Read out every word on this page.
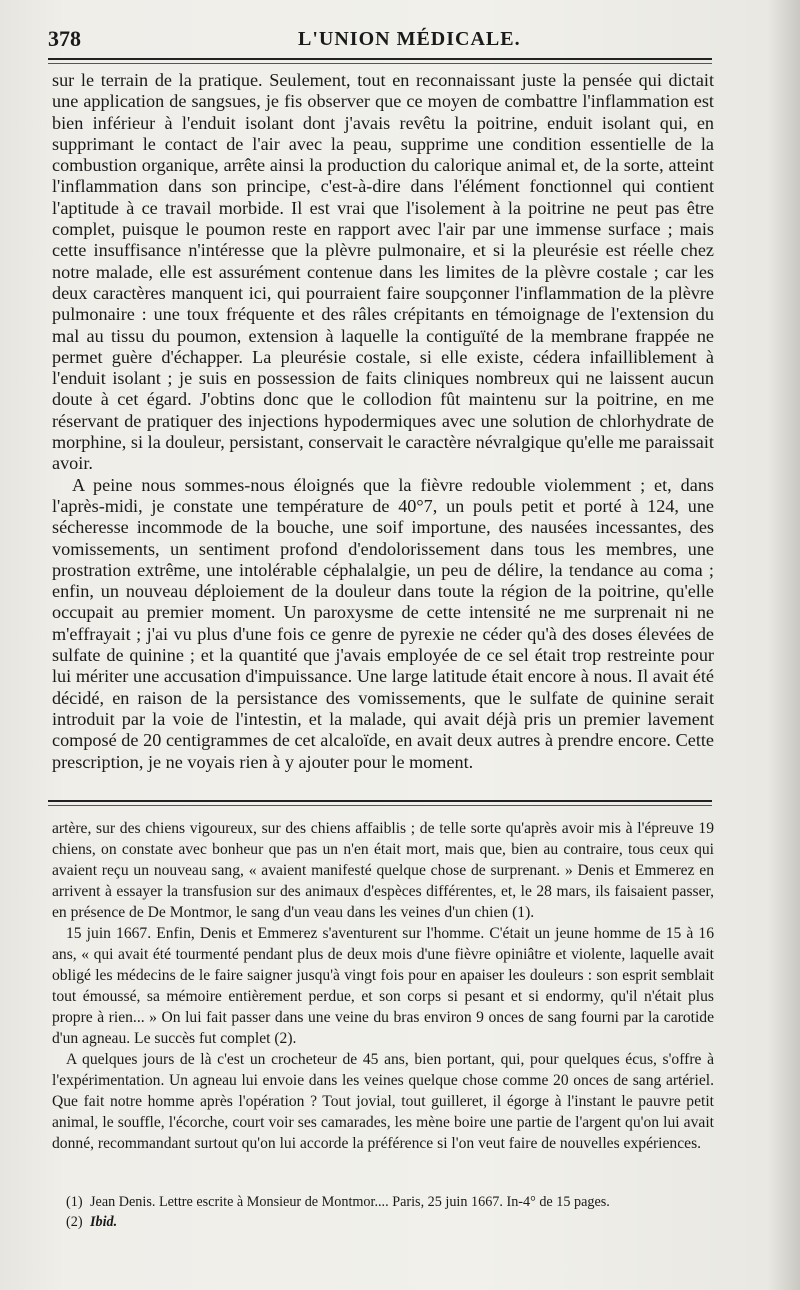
378	L'UNION MÉDICALE.

sur le terrain de la pratique. Seulement, tout en reconnaissant juste la pensée qui dictait une application de sangsues, je fis observer que ce moyen de combattre l'inflammation est bien inférieur à l'enduit isolant dont j'avais revêtu la poitrine, enduit isolant qui, en supprimant le contact de l'air avec la peau, supprime une condition essentielle de la combustion organique, arrête ainsi la production du calorique animal et, de la sorte, atteint l'inflammation dans son principe, c'est-à-dire dans l'élément fonctionnel qui contient l'aptitude à ce travail morbide. Il est vrai que l'isolement à la poitrine ne peut pas être complet, puisque le poumon reste en rapport avec l'air par une immense surface ; mais cette insuffisance n'intéresse que la plèvre pulmonaire, et si la pleurésie est réelle chez notre malade, elle est assurément contenue dans les limites de la plèvre costale ; car les deux caractères manquent ici, qui pourraient faire soupçonner l'inflammation de la plèvre pulmonaire : une toux fréquente et des râles crépitants en témoignage de l'extension du mal au tissu du poumon, extension à laquelle la contiguïté de la membrane frappée ne permet guère d'échapper. La pleurésie costale, si elle existe, cédera infailliblement à l'enduit isolant ; je suis en possession de faits cliniques nombreux qui ne laissent aucun doute à cet égard. J'obtins donc que le collodion fût maintenu sur la poitrine, en me réservant de pratiquer des injections hypodermiques avec une solution de chlorhydrate de morphine, si la douleur, persistant, conservait le caractère névralgique qu'elle me paraissait avoir.

A peine nous sommes-nous éloignés que la fièvre redouble violemment ; et, dans l'après-midi, je constate une température de 40°7, un pouls petit et porté à 124, une sécheresse incommode de la bouche, une soif importune, des nausées incessantes, des vomissements, un sentiment profond d'endolorissement dans tous les membres, une prostration extrême, une intolérable céphalalgie, un peu de délire, la tendance au coma ; enfin, un nouveau déploiement de la douleur dans toute la région de la poitrine, qu'elle occupait au premier moment. Un paroxysme de cette intensité ne me surprenait ni ne m'effrayait ; j'ai vu plus d'une fois ce genre de pyrexie ne céder qu'à des doses élevées de sulfate de quinine ; et la quantité que j'avais employée de ce sel était trop restreinte pour lui mériter une accusation d'impuissance. Une large latitude était encore à nous. Il avait été décidé, en raison de la persistance des vomissements, que le sulfate de quinine serait introduit par la voie de l'intestin, et la malade, qui avait déjà pris un premier lavement composé de 20 centigrammes de cet alcaloïde, en avait deux autres à prendre encore. Cette prescription, je ne voyais rien à y ajouter pour le moment.

artère, sur des chiens vigoureux, sur des chiens affaiblis ; de telle sorte qu'après avoir mis à l'épreuve 19 chiens, on constate avec bonheur que pas un n'en était mort, mais que, bien au contraire, tous ceux qui avaient reçu un nouveau sang, « avaient manifesté quelque chose de surprenant. » Denis et Emmerez en arrivent à essayer la transfusion sur des animaux d'espèces différentes, et, le 28 mars, ils faisaient passer, en présence de De Montmor, le sang d'un veau dans les veines d'un chien (1).

15 juin 1667. Enfin, Denis et Emmerez s'aventurent sur l'homme. C'était un jeune homme de 15 à 16 ans, « qui avait été tourmenté pendant plus de deux mois d'une fièvre opiniâtre et violente, laquelle avait obligé les médecins de le faire saigner jusqu'à vingt fois pour en apaiser les douleurs : son esprit semblait tout émoussé, sa mémoire entièrement perdue, et son corps si pesant et si endormy, qu'il n'était plus propre à rien... » On lui fait passer dans une veine du bras environ 9 onces de sang fourni par la carotide d'un agneau. Le succès fut complet (2).

A quelques jours de là c'est un crocheteur de 45 ans, bien portant, qui, pour quelques écus, s'offre à l'expérimentation. Un agneau lui envoie dans les veines quelque chose comme 20 onces de sang artériel. Que fait notre homme après l'opération ? Tout jovial, tout guilleret, il égorge à l'instant le pauvre petit animal, le souffle, l'écorche, court voir ses camarades, les mène boire une partie de l'argent qu'on lui avait donné, recommandant surtout qu'on lui accorde la préférence si l'on veut faire de nouvelles expériences.

(1) Jean Denis. Lettre escrite à Monsieur de Montmor.... Paris, 25 juin 1667. In-4° de 15 pages.
(2) Ibid.
